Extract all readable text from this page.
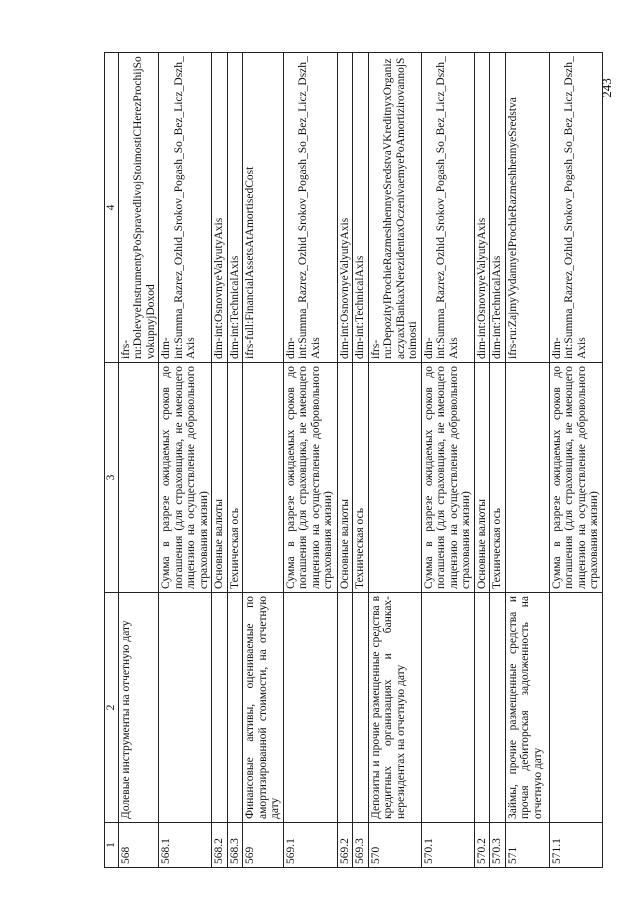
243
1	2	3	4
568	Долевые инструменты на отчетную дату		ifrs-ru:DolevyeInstrumentyPoSpravedlivojStoimostiCHerezProchijSovokupnyjDoxod
568.1		Сумма в разрезе ожидаемых сроков до погашения (для страховщика, не имеющего лицензию на осуществление добровольного страхования жизни)	dim-int:Summa_Razrez_Ozhid_Srokov_Pogash_So_Bez_Licz_Dszh_Axis
568.2		Основные валюты	dim-int:OsnovnyeValyutyAxis
568.3		Техническая ось	dim-int:TechnicalAxis
569	Финансовые активы, оцениваемые по амортизированной стоимости, на отчетную дату		ifrs-full:FinancialAssetsAtAmortisedCost
569.1		Сумма в разрезе ожидаемых сроков до погашения (для страховщика, не имеющего лицензию на осуществление добровольного страхования жизни)	dim-int:Summa_Razrez_Ozhid_Srokov_Pogash_So_Bez_Licz_Dszh_Axis
569.2		Основные валюты	dim-int:OsnovnyeValyutyAxis
569.3		Техническая ось	dim-int:TechnicalAxis
570	Депозиты и прочие размещенные средства в кредитных организациях и банках-нерезидентах на отчетную дату		ifrs-ru:DepozityIProchieRazmeshhennyeSredstvaVKreditnyxOrganizaczyaxIBankaxNerezidentaxOczenivaemyePoAmortizirovannojStoimosti
570.1		Сумма в разрезе ожидаемых сроков до погашения (для страховщика, не имеющего лицензию на осуществление добровольного страхования жизни)	dim-int:Summa_Razrez_Ozhid_Srokov_Pogash_So_Bez_Licz_Dszh_Axis
570.2		Основные валюты	dim-int:OsnovnyeValyutyAxis
570.3		Техническая ось	dim-int:TechnicalAxis
571	Займы, прочие размещенные средства и прочая дебиторская задолженность на отчетную дату		ifrs-ru:ZajmyVydannyeIProchieRazmeshhennyeSredstva
571.1		Сумма в разрезе ожидаемых сроков до погашения (для страховщика, не имеющего лицензию на осуществление добровольного страхования жизни)	dim-int:Summa_Razrez_Ozhid_Srokov_Pogash_So_Bez_Licz_Dszh_Axis
